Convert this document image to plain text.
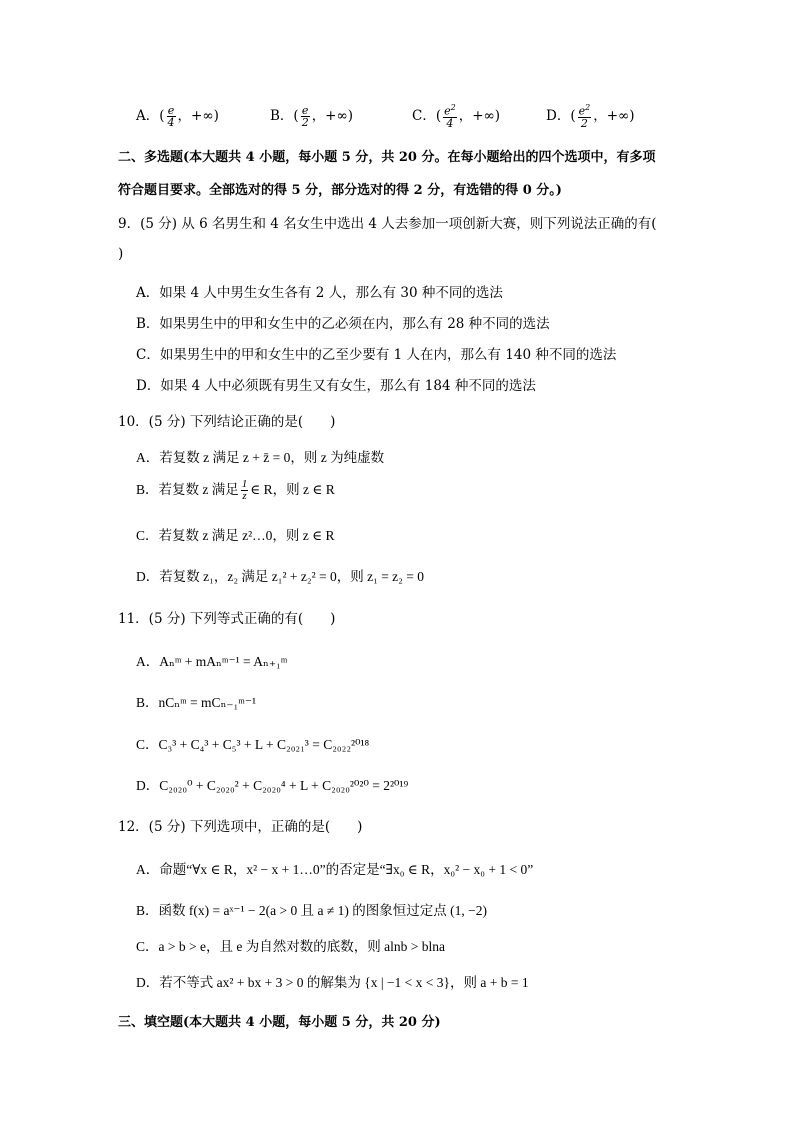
A．( $\frac{e}{4}$ ，+∞)	B．( $\frac{e}{2}$ ，+∞)	C．( $\frac{e^2}{4}$ ，+∞)	D．( $\frac{e^2}{2}$ ，+∞)
二、多选题(本大题共 4 小题，每小题 5 分，共 20 分。在每小题给出的四个选项中，有多项
符合题目要求。全部选对的得 5 分，部分选对的得 2 分，有选错的得 0 分。)
9．(5 分) 从 6 名男生和 4 名女生中选出 4 人去参加一项创新大赛，则下列说法正确的有(
)
A．如果 4 人中男生女生各有 2 人，那么有 30 种不同的选法
B．如果男生中的甲和女生中的乙必须在内，那么有 28 种不同的选法
C．如果男生中的甲和女生中的乙至少要有 1 人在内，那么有 140 种不同的选法
D．如果 4 人中必须既有男生又有女生，那么有 184 种不同的选法
10．(5 分) 下列结论正确的是(　　)
A．若复数 z 满足 z + z̄ = 0，则 z 为纯虚数
B．若复数 z 满足 $\frac{1}{z}$ ∈ R，则 z ∈ R
C．若复数 z 满足 z²…0，则 z ∈ R
D．若复数 z₁，z₂ 满足 z₁² + z₂² = 0，则 z₁ = z₂ = 0
11．(5 分) 下列等式正确的有(　　)
A．Aₙᵐ + mAₙᵐ⁻¹ = Aₙ₊₁ᵐ
B．nCₙᵐ = mCₙ₋₁ᵐ⁻¹
C．C₃³ + C₄³ + C₅³ + L + C₂₀₂₁³ = C₂₀₂₂²⁰¹⁸
D．C₂₀₂₀⁰ + C₂₀₂₀² + C₂₀₂₀⁴ + L + C₂₀₂₀²⁰²⁰ = 2²⁰¹⁹
12．(5 分) 下列选项中，正确的是(　　)
A．命题“∀x ∈ R，x² − x + 1…0”的否定是“∃x₀ ∈ R，x₀² − x₀ + 1 < 0”
B．函数 f(x) = aˣ⁻¹ − 2(a > 0 且 a ≠ 1) 的图象恒过定点 (1, −2)
C．a > b > e，且 e 为自然对数的底数，则 alnb > blna
D．若不等式 ax² + bx + 3 > 0 的解集为 {x | −1 < x < 3}，则 a + b = 1
三、填空题(本大题共 4 小题，每小题 5 分，共 20 分)
